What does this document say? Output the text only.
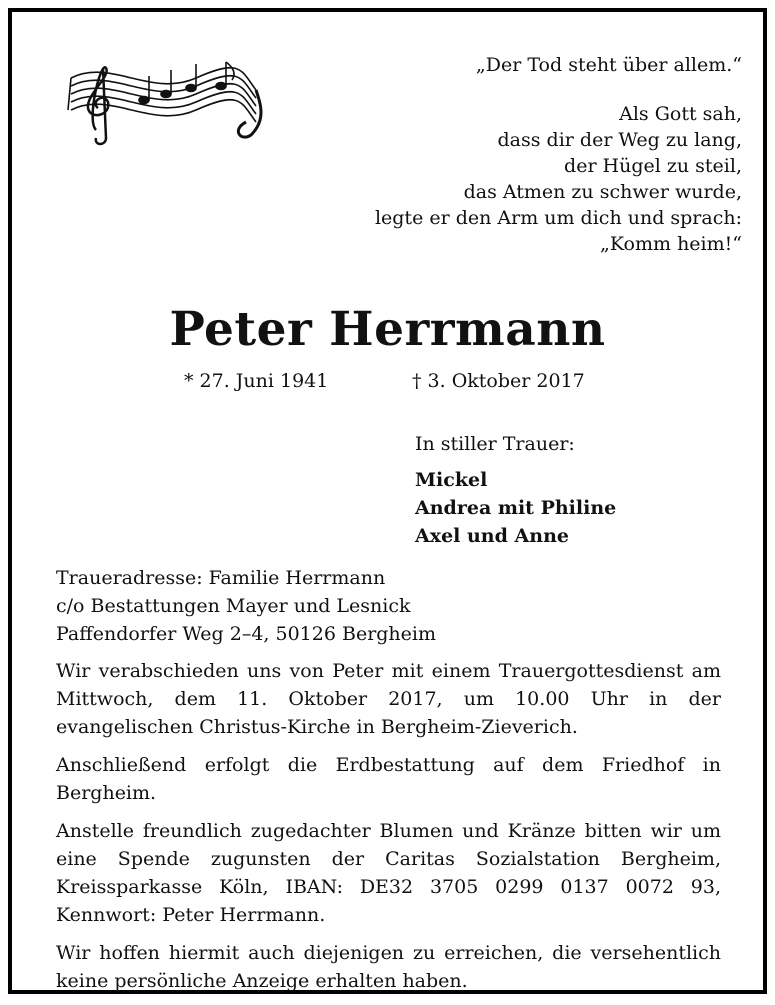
„Der Tod steht über allem.“
Als Gott sah,
dass dir der Weg zu lang,
der Hügel zu steil,
das Atmen zu schwer wurde,
legte er den Arm um dich und sprach:
„Komm heim!“
Peter Herrmann
* 27. Juni 1941	† 3. Oktober 2017
In stiller Trauer:
Mickel
Andrea mit Philine
Axel und Anne
Traueradresse: Familie Herrmann
c/o Bestattungen Mayer und Lesnick
Paffendorfer Weg 2–4, 50126 Bergheim

Wir verabschieden uns von Peter mit einem Trauergottesdienst am Mittwoch, dem 11. Oktober 2017, um 10.00 Uhr in der evangelischen Christus-Kirche in Bergheim-Zieverich.

Anschließend erfolgt die Erdbestattung auf dem Friedhof in Bergheim.

Anstelle freundlich zugedachter Blumen und Kränze bitten wir um eine Spende zugunsten der Caritas Sozialstation Bergheim, Kreissparkasse Köln, IBAN: DE32 3705 0299 0137 0072 93, Kennwort: Peter Herrmann.

Wir hoffen hiermit auch diejenigen zu erreichen, die versehentlich keine persönliche Anzeige erhalten haben.
